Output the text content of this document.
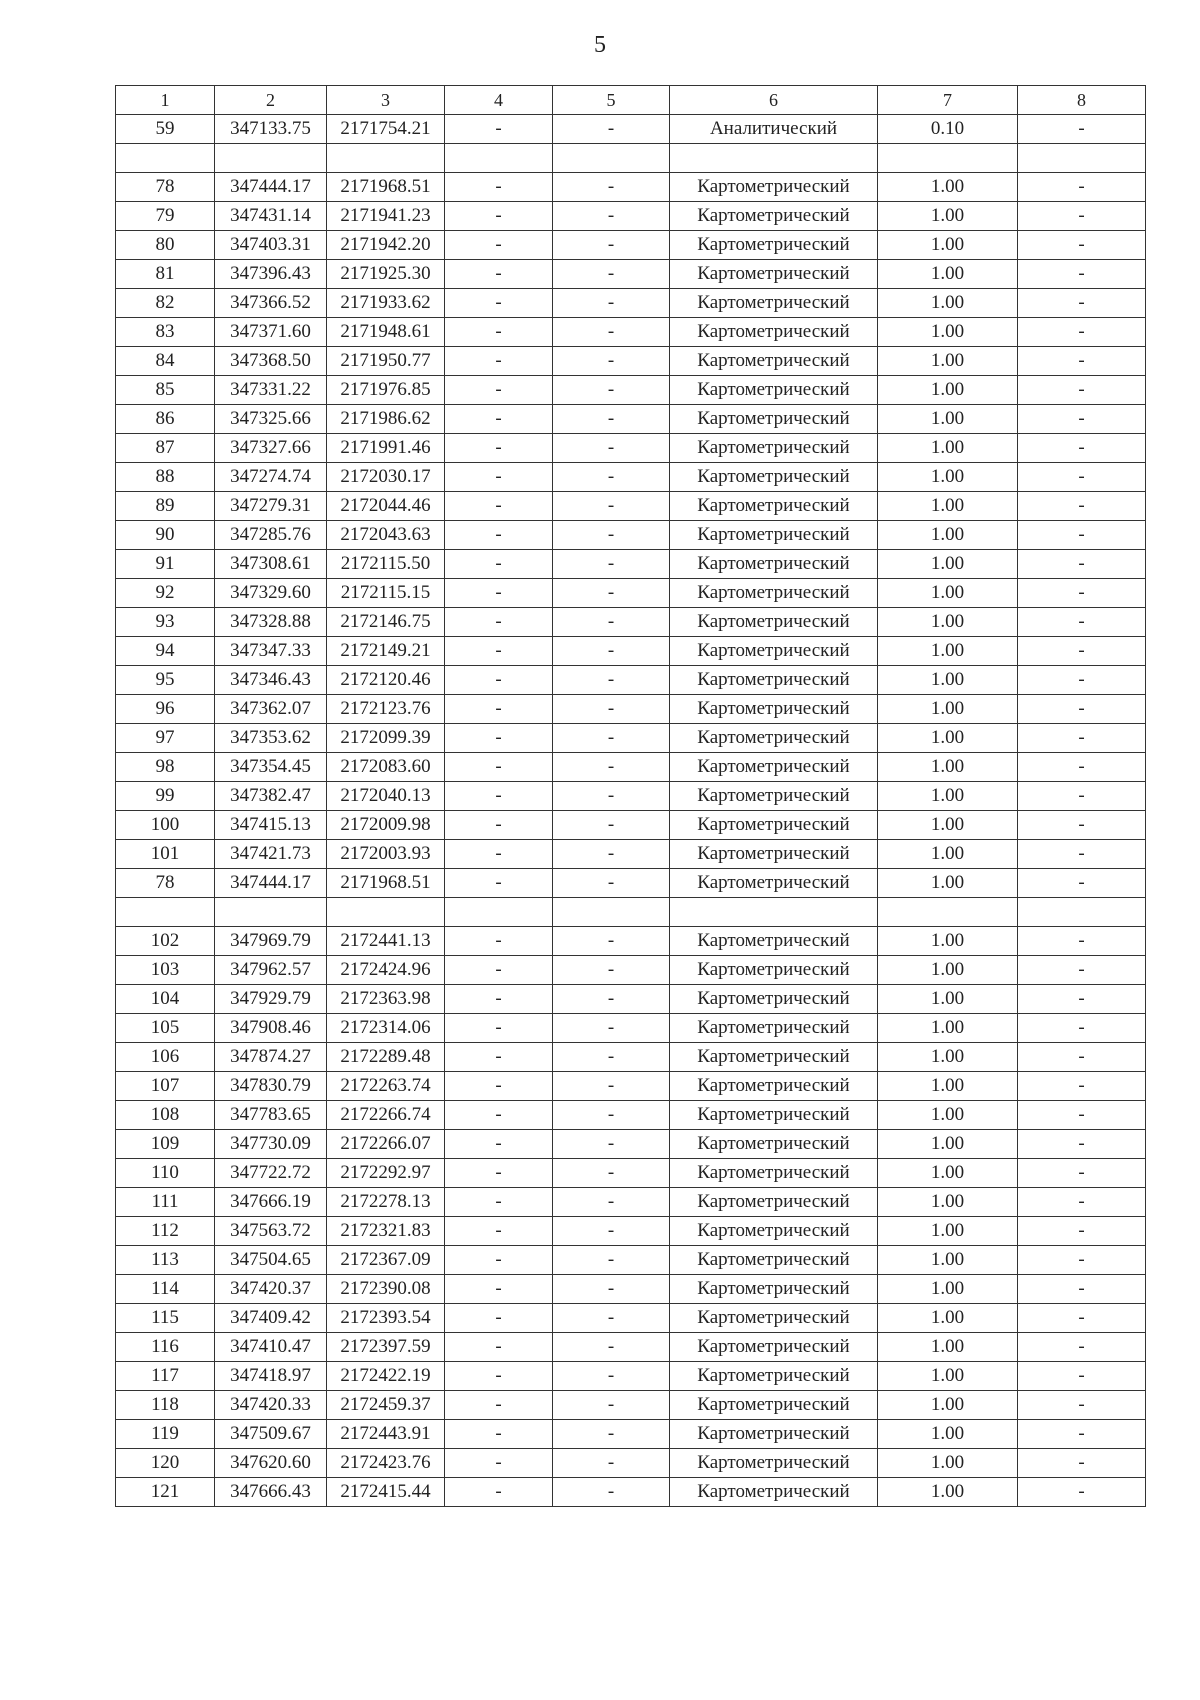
5
1	2	3	4	5	6	7	8
59	347133.75	2171754.21	-	-	Аналитический	0.10	-

78	347444.17	2171968.51	-	-	Картометрический	1.00	-
79	347431.14	2171941.23	-	-	Картометрический	1.00	-
80	347403.31	2171942.20	-	-	Картометрический	1.00	-
81	347396.43	2171925.30	-	-	Картометрический	1.00	-
82	347366.52	2171933.62	-	-	Картометрический	1.00	-
83	347371.60	2171948.61	-	-	Картометрический	1.00	-
84	347368.50	2171950.77	-	-	Картометрический	1.00	-
85	347331.22	2171976.85	-	-	Картометрический	1.00	-
86	347325.66	2171986.62	-	-	Картометрический	1.00	-
87	347327.66	2171991.46	-	-	Картометрический	1.00	-
88	347274.74	2172030.17	-	-	Картометрический	1.00	-
89	347279.31	2172044.46	-	-	Картометрический	1.00	-
90	347285.76	2172043.63	-	-	Картометрический	1.00	-
91	347308.61	2172115.50	-	-	Картометрический	1.00	-
92	347329.60	2172115.15	-	-	Картометрический	1.00	-
93	347328.88	2172146.75	-	-	Картометрический	1.00	-
94	347347.33	2172149.21	-	-	Картометрический	1.00	-
95	347346.43	2172120.46	-	-	Картометрический	1.00	-
96	347362.07	2172123.76	-	-	Картометрический	1.00	-
97	347353.62	2172099.39	-	-	Картометрический	1.00	-
98	347354.45	2172083.60	-	-	Картометрический	1.00	-
99	347382.47	2172040.13	-	-	Картометрический	1.00	-
100	347415.13	2172009.98	-	-	Картометрический	1.00	-
101	347421.73	2172003.93	-	-	Картометрический	1.00	-
78	347444.17	2171968.51	-	-	Картометрический	1.00	-

102	347969.79	2172441.13	-	-	Картометрический	1.00	-
103	347962.57	2172424.96	-	-	Картометрический	1.00	-
104	347929.79	2172363.98	-	-	Картометрический	1.00	-
105	347908.46	2172314.06	-	-	Картометрический	1.00	-
106	347874.27	2172289.48	-	-	Картометрический	1.00	-
107	347830.79	2172263.74	-	-	Картометрический	1.00	-
108	347783.65	2172266.74	-	-	Картометрический	1.00	-
109	347730.09	2172266.07	-	-	Картометрический	1.00	-
110	347722.72	2172292.97	-	-	Картометрический	1.00	-
111	347666.19	2172278.13	-	-	Картометрический	1.00	-
112	347563.72	2172321.83	-	-	Картометрический	1.00	-
113	347504.65	2172367.09	-	-	Картометрический	1.00	-
114	347420.37	2172390.08	-	-	Картометрический	1.00	-
115	347409.42	2172393.54	-	-	Картометрический	1.00	-
116	347410.47	2172397.59	-	-	Картометрический	1.00	-
117	347418.97	2172422.19	-	-	Картометрический	1.00	-
118	347420.33	2172459.37	-	-	Картометрический	1.00	-
119	347509.67	2172443.91	-	-	Картометрический	1.00	-
120	347620.60	2172423.76	-	-	Картометрический	1.00	-
121	347666.43	2172415.44	-	-	Картометрический	1.00	-
